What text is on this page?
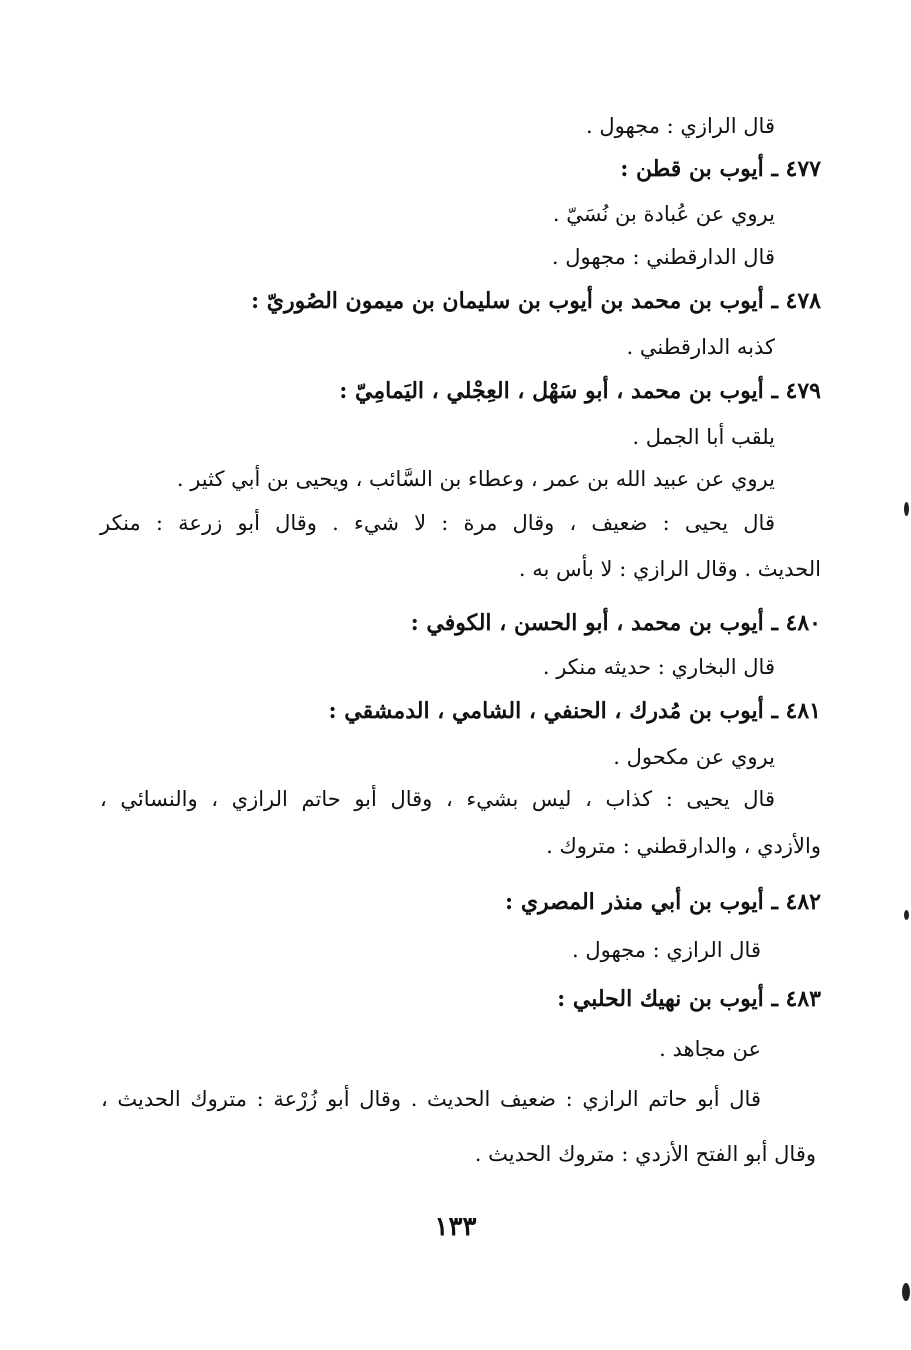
قال الرازي : مجهول .

٤٧٧ ـ أيوب بن قطن :

يروي عن عُبادة بن نُسَيّ .

قال الدارقطني : مجهول .

٤٧٨ ـ أيوب بن محمد بن أيوب بن سليمان بن ميمون الصُوريّ :

كذبه الدارقطني .

٤٧٩ ـ أيوب بن محمد ، أبو سَهْل ، العِجْلي ، اليَمامِيّ :

يلقب أبا الجمل .

يروي عن عبيد الله بن عمر ، وعطاء بن السَّائب ، ويحيى بن أبي كثير .

قال يحيى : ضعيف ، وقال مرة : لا شيء . وقال أبو زرعة : منكر

الحديث . وقال الرازي : لا بأس به .

٤٨٠ ـ أيوب بن محمد ، أبو الحسن ، الكوفي :

قال البخاري : حديثه منكر .

٤٨١ ـ أيوب بن مُدرك ، الحنفي ، الشامي ، الدمشقي :

يروي عن مكحول .

قال يحيى : كذاب ، ليس بشيء ، وقال أبو حاتم الرازي ، والنسائي ،

والأزدي ، والدارقطني : متروك .

٤٨٢ ـ أيوب بن أبي منذر المصري :

قال الرازي : مجهول .

٤٨٣ ـ أيوب بن نهيك الحلبي :

عن مجاهد .

قال أبو حاتم الرازي : ضعيف الحديث . وقال أبو زُرْعة : متروك الحديث ،

وقال أبو الفتح الأزدي : متروك الحديث .

١٣٣
